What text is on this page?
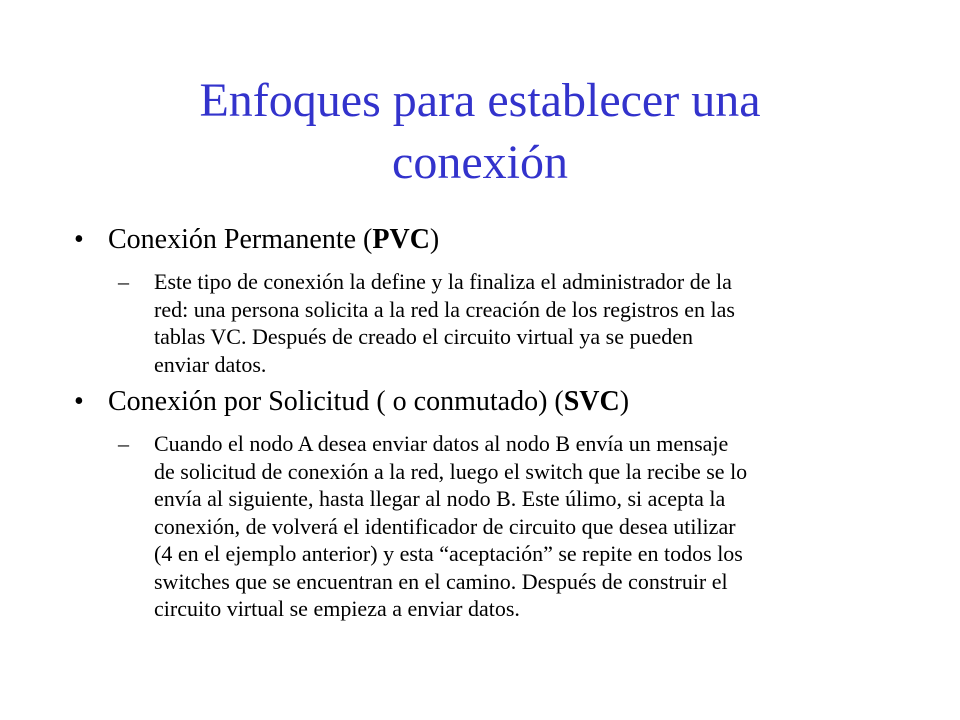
Enfoques para establecer una
conexión
• Conexión Permanente (PVC)
– Este tipo de conexión la define y la finaliza el administrador de la
red: una persona solicita a la red la creación de los registros en las
tablas VC. Después de creado el circuito virtual ya se pueden
enviar datos.
• Conexión por Solicitud ( o conmutado) (SVC)
– Cuando el nodo A desea enviar datos al nodo B envía un mensaje
de solicitud de conexión a la red, luego el switch que la recibe se lo
envía al siguiente, hasta llegar al nodo B. Este úlimo, si acepta la
conexión, de volverá el identificador de circuito que desea utilizar
(4 en el ejemplo anterior) y esta “aceptación” se repite en todos los
switches que se encuentran en el camino. Después de construir el
circuito virtual se empieza a enviar datos.
